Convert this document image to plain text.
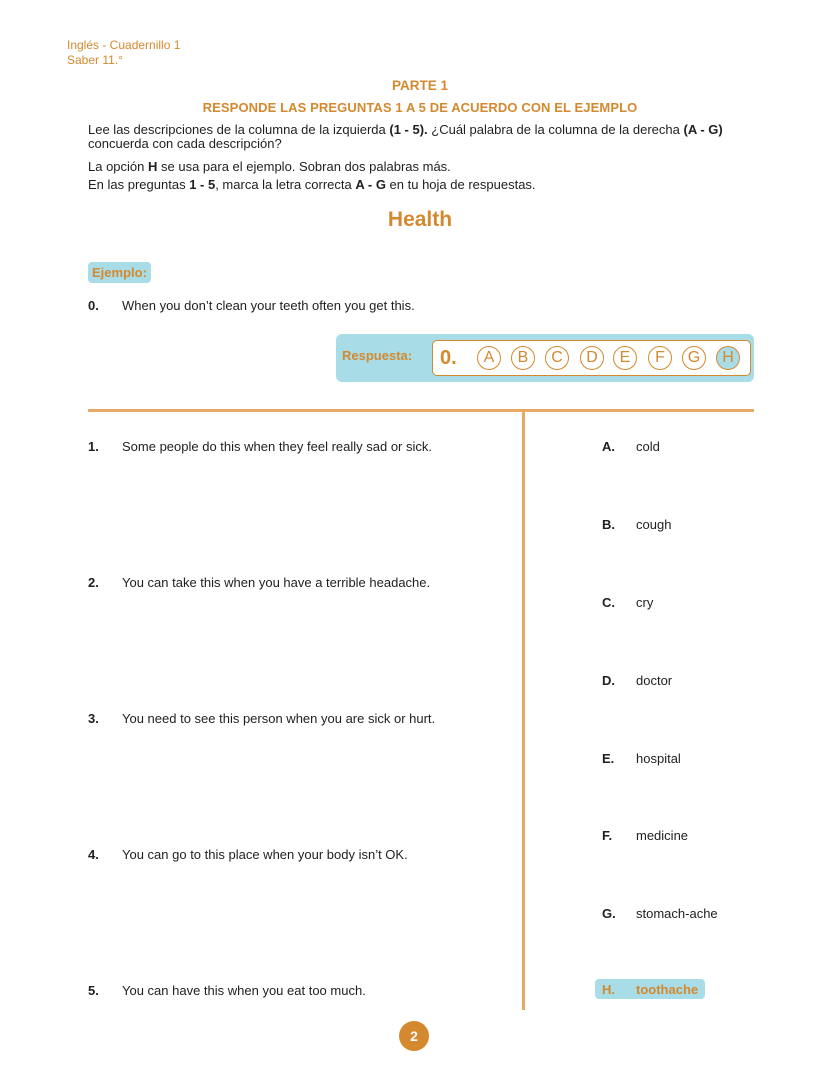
Inglés - Cuadernillo 1
Saber 11.°
PARTE 1
RESPONDE LAS PREGUNTAS 1 A 5 DE ACUERDO CON EL EJEMPLO
Lee las descripciones de la columna de la izquierda (1 - 5). ¿Cuál palabra de la columna de la derecha (A - G) concuerda con cada descripción?
La opción H se usa para el ejemplo. Sobran dos palabras más.
En las preguntas 1 - 5, marca la letra correcta A - G en tu hoja de respuestas.
Health
Ejemplo:
0.	When you don’t clean your teeth often you get this.
Respuesta: 0.	A	B	C	D	E	F	G	H
1.	Some people do this when they feel really sad or sick.
2.	You can take this when you have a terrible headache.
3.	You need to see this person when you are sick or hurt.
4.	You can go to this place when your body isn’t OK.
5.	You can have this when you eat too much.
A.	cold
B.	cough
C.	cry
D.	doctor
E.	hospital
F.	medicine
G.	stomach-ache
H.	toothache
2
